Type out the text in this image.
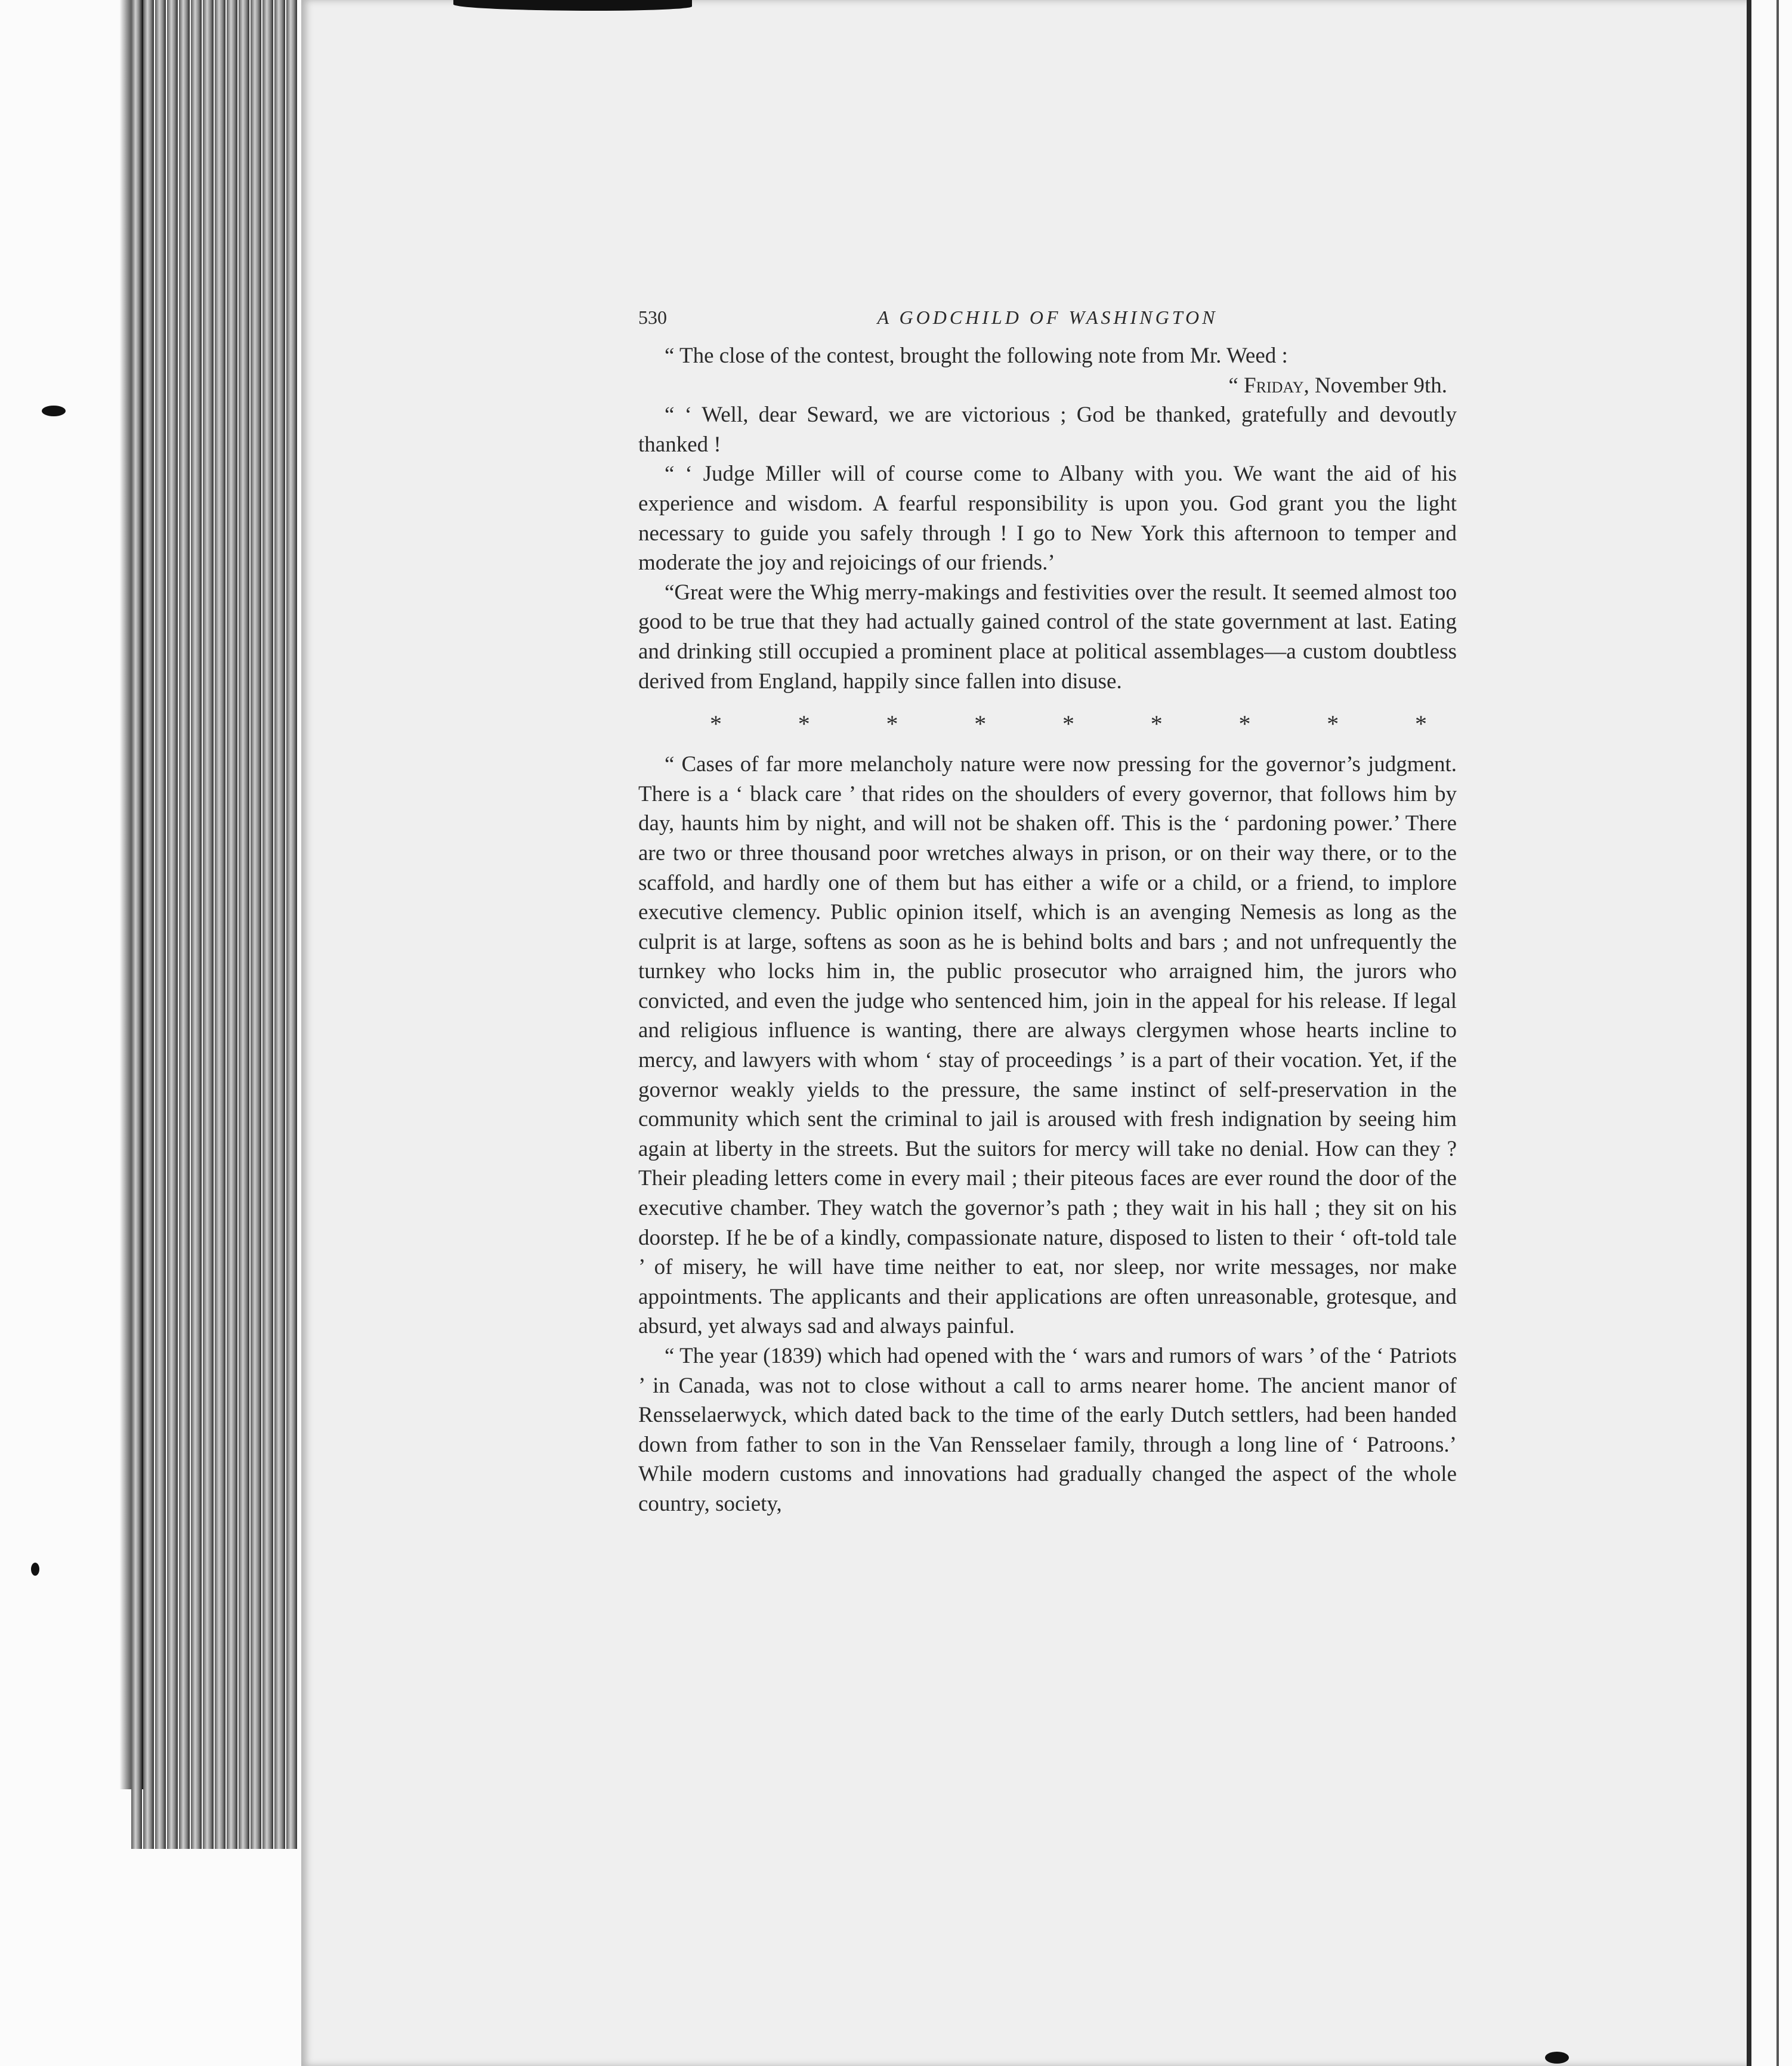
530	A GODCHILD OF WASHINGTON

“ The close of the contest, brought the following note from Mr. Weed :

“ Friday, November 9th.

“ ‘ Well, dear Seward, we are victorious ; God be thanked, gratefully and devoutly thanked !

“ ‘ Judge Miller will of course come to Albany with you. We want the aid of his experience and wisdom. A fearful responsibility is upon you. God grant you the light necessary to guide you safely through ! I go to New York this afternoon to temper and moderate the joy and rejoicings of our friends.’

“Great were the Whig merry-makings and festivities over the result. It seemed almost too good to be true that they had actually gained control of the state government at last. Eating and drinking still occupied a prominent place at political assemblages—a custom doubtless derived from England, happily since fallen into disuse.

*	*	*	*	*	*	*	*	*

“ Cases of far more melancholy nature were now pressing for the governor’s judgment. There is a ‘ black care ’ that rides on the shoulders of every governor, that follows him by day, haunts him by night, and will not be shaken off. This is the ‘ pardoning power.’ There are two or three thousand poor wretches always in prison, or on their way there, or to the scaffold, and hardly one of them but has either a wife or a child, or a friend, to implore executive clemency. Public opinion itself, which is an avenging Nemesis as long as the culprit is at large, softens as soon as he is behind bolts and bars ; and not unfrequently the turnkey who locks him in, the public prosecutor who arraigned him, the jurors who convicted, and even the judge who sentenced him, join in the appeal for his release. If legal and religious influence is wanting, there are always clergymen whose hearts incline to mercy, and lawyers with whom ‘ stay of proceedings ’ is a part of their vocation. Yet, if the governor weakly yields to the pressure, the same instinct of self-preservation in the community which sent the criminal to jail is aroused with fresh indignation by seeing him again at liberty in the streets. But the suitors for mercy will take no denial. How can they ? Their pleading letters come in every mail ; their piteous faces are ever round the door of the executive chamber. They watch the governor’s path ; they wait in his hall ; they sit on his doorstep. If he be of a kindly, compassionate nature, disposed to listen to their ‘ oft-told tale ’ of misery, he will have time neither to eat, nor sleep, nor write messages, nor make appointments. The applicants and their applications are often unreasonable, grotesque, and absurd, yet always sad and always painful.

“ The year (1839) which had opened with the ‘ wars and rumors of wars ’ of the ‘ Patriots ’ in Canada, was not to close without a call to arms nearer home. The ancient manor of Rensselaerwyck, which dated back to the time of the early Dutch settlers, had been handed down from father to son in the Van Rensselaer family, through a long line of ‘ Patroons.’ While modern customs and innovations had gradually changed the aspect of the whole country, society,
